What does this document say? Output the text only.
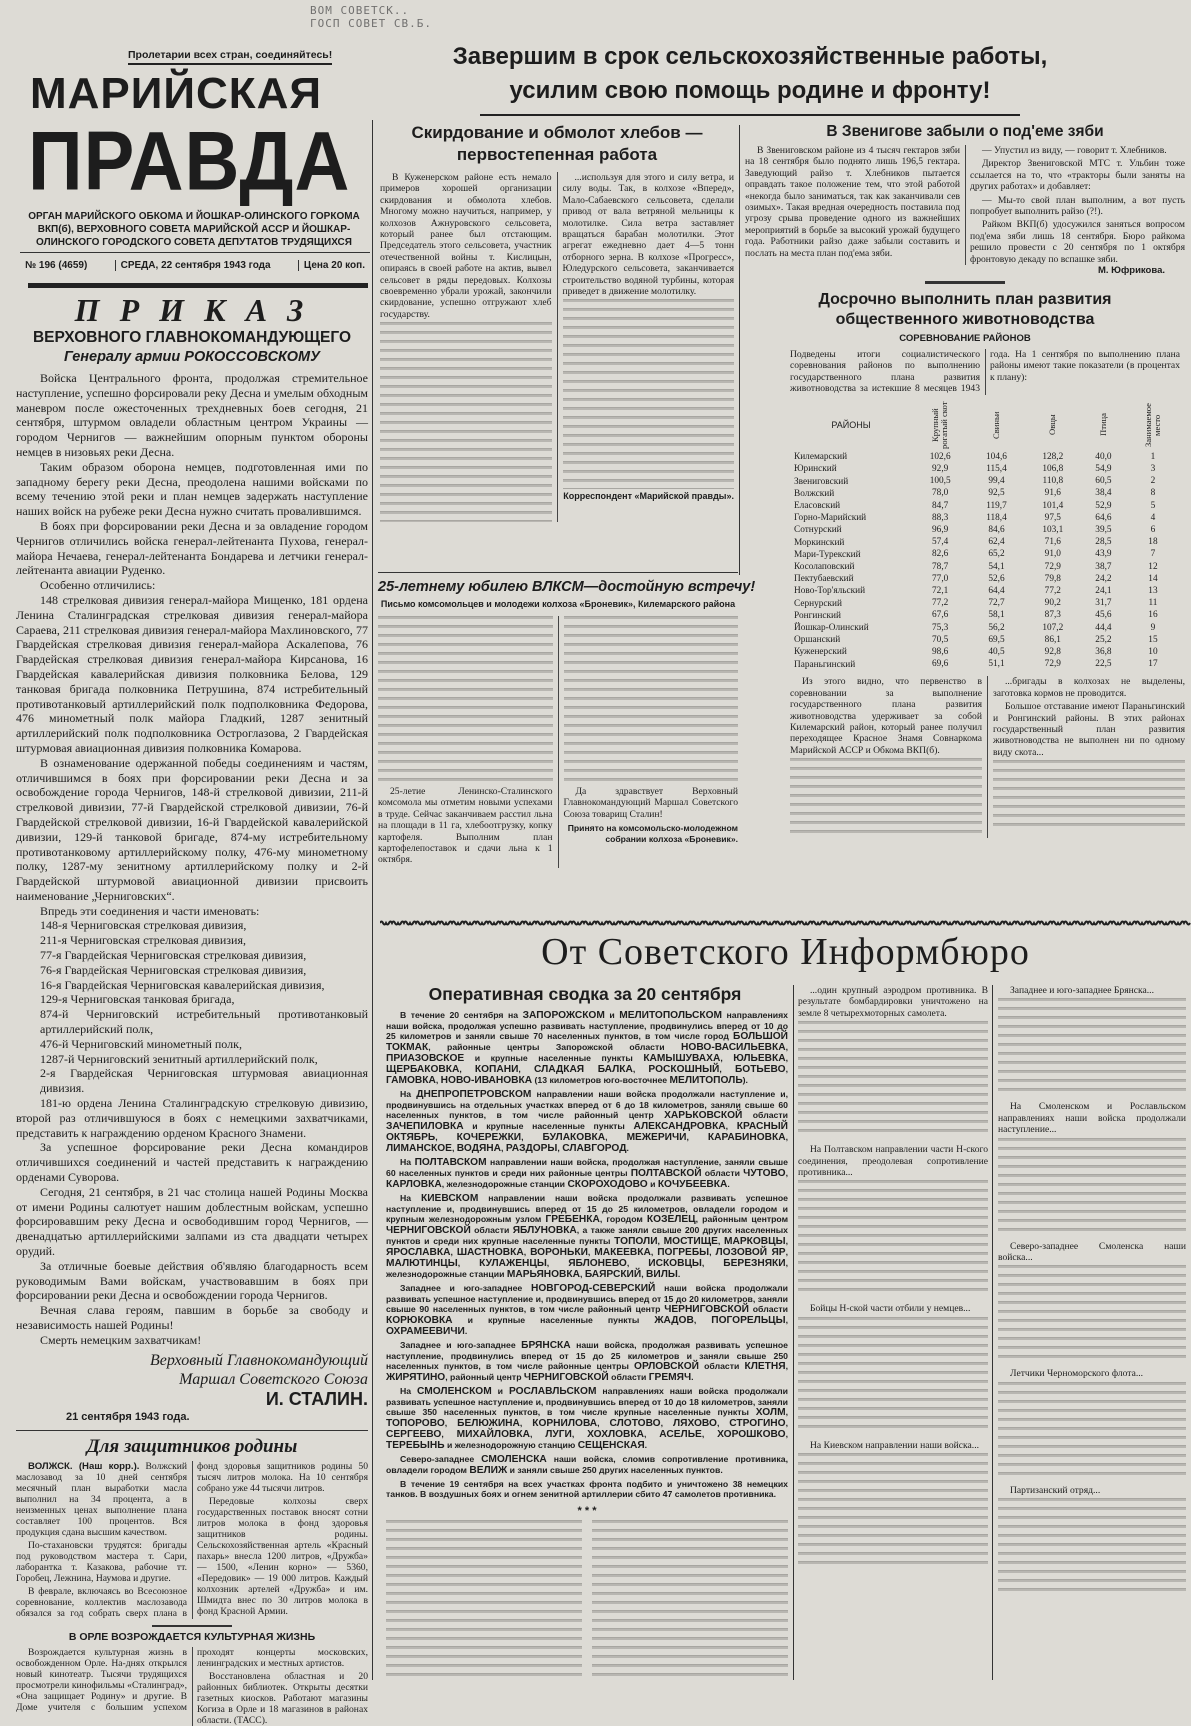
ВОМ СОВЕТСК..
ГОСП СОВЕТ СВ.Б.
Пролетарии всех стран, соединяйтесь!
МАРИЙСКАЯ
ПРАВДА
ОРГАН МАРИЙСКОГО ОБКОМА И ЙОШКАР-ОЛИНСКОГО ГОРКОМА ВКП(б), ВЕРХОВНОГО СОВЕТА МАРИЙСКОЙ АССР И ЙОШКАР-ОЛИНСКОГО ГОРОДСКОГО СОВЕТА ДЕПУТАТОВ ТРУДЯЩИХСЯ
№ 196 (4659)	СРЕДА, 22 сентября 1943 года	Цена 20 коп.
Завершим в срок сельскохозяйственные работы,
усилим свою помощь родине и фронту!
П Р И К А З
ВЕРХОВНОГО ГЛАВНОКОМАНДУЮЩЕГО
Генералу армии РОКОССОВСКОМУ

Войска Центрального фронта, продолжая стремительное наступление, успешно форсировали реку Десна и умелым обходным маневром после ожесточенных трехдневных боев сегодня, 21 сентября, штурмом овладели областным центром Украины — городом Чернигов — важнейшим опорным пунктом обороны немцев в низовьях реки Десна.

Таким образом оборона немцев, подготовленная ими по западному берегу реки Десна, преодолена нашими войсками по всему течению этой реки и план немцев задержать наступление наших войск на рубеже реки Десна нужно считать провалившимся.

В боях при форсировании реки Десна и за овладение городом Чернигов отличились войска генерал-лейтенанта Пухова, генерал-майора Нечаева, генерал-лейтенанта Бондарева и летчики генерал-лейтенанта авиации Руденко.

Особенно отличились:

148 стрелковая дивизия генерал-майора Мищенко, 181 ордена Ленина Сталинградская стрелковая дивизия генерал-майора Сараева, 211 стрелковая дивизия генерал-майора Махлиновского, 77 Гвардейская стрелковая дивизия генерал-майора Аскалепова, 76 Гвардейская стрелковая дивизия генерал-майора Кирсанова, 16 Гвардейская кавалерийская дивизия полковника Белова, 129 танковая бригада полковника Петрушина, 874 истребительный противотанковый артиллерийский полк подполковника Федорова, 476 минометный полк майора Гладкий, 1287 зенитный артиллерийский полк подполковника Остроглазова, 2 Гвардейская штурмовая авиационная дивизия полковника Комарова.

В ознаменование одержанной победы соединениям и частям, отличившимся в боях при форсировании реки Десна и за освобождение города Чернигов, 148-й стрелковой дивизии, 211-й стрелковой дивизии, 77-й Гвардейской стрелковой дивизии, 76-й Гвардейской стрелковой дивизии, 16-й Гвардейской кавалерийской дивизии, 129-й танковой бригаде, 874-му истребительному противотанковому артиллерийскому полку, 476-му минометному полку, 1287-му зенитному артиллерийскому полку и 2-й Гвардейской штурмовой авиационной дивизии присвоить наименование „Черниговских“.

Впредь эти соединения и части именовать:

148-я Черниговская стрелковая дивизия,
211-я Черниговская стрелковая дивизия,
77-я Гвардейская Черниговская стрелковая дивизия,
76-я Гвардейская Черниговская стрелковая дивизия,
16-я Гвардейская Черниговская кавалерийская дивизия,
129-я Черниговская танковая бригада,
874-й Черниговский истребительный противотанковый артиллерийский полк,
476-й Черниговский минометный полк,
1287-й Черниговский зенитный артиллерийский полк,
2-я Гвардейская Черниговская штурмовая авиационная дивизия.

181-ю ордена Ленина Сталинградскую стрелковую дивизию, второй раз отличившуюся в боях с немецкими захватчиками, представить к награждению орденом Красного Знамени.

За успешное форсирование реки Десна командиров отличившихся соединений и частей представить к награждению орденами Суворова.

Сегодня, 21 сентября, в 21 час столица нашей Родины Москва от имени Родины салютует нашим доблестным войскам, успешно форсировавшим реку Десна и освободившим город Чернигов, — двенадцатью артиллерийскими залпами из ста двадцати четырех орудий.

За отличные боевые действия об'являю благодарность всем руководимым Вами войскам, участвовавшим в боях при форсировании реки Десна и освобождении города Чернигов.

Вечная слава героям, павшим в борьбе за свободу и независимость нашей Родины!

Смерть немецким захватчикам!

Верховный Главнокомандующий
Маршал Советского Союза
И. СТАЛИН.
21 сентября 1943 года.
Для защитников родины

ВОЛЖСК. (Наш корр.). Волжский маслозавод за 10 дней сентября месячный план выработки масла выполнил на 34 процента, а в неизменных ценах выполнение плана составляет 100 процентов. Вся продукция сдана высшим качеством.

По-стахановски трудятся: бригады под руководством мастера т. Сари, лаборантка т. Казакова, рабочие тт. Горобец, Лежнина, Наумова и другие.

В феврале, включаясь во Всесоюзное соревнование, коллектив маслозавода обязался за год собрать сверх плана в фонд здоровья защитников родины 50 тысяч литров молока. На 10 сентября собрано уже 44 тысячи литров.

Передовые колхозы сверх государственных поставок вносят сотни литров молока в фонд здоровья защитников родины. Сельскохозяйственная артель «Красный пахарь» внесла 1200 литров, «Дружба» — 1500, «Ленин корно» — 5360, «Передовик» — 19 000 литров. Каждый колхозник артелей «Дружба» и им. Шмидта внес по 30 литров молока в фонд Красной Армии.

В ОРЛЕ ВОЗРОЖДАЕТСЯ КУЛЬТУРНАЯ ЖИЗНЬ

Возрождается культурная жизнь в освобожденном Орле. На-днях открылся новый кинотеатр. Тысячи трудящихся просмотрели кинофильмы «Сталинград», «Она защищает Родину» и другие. В Доме учителя с большим успехом проходят концерты московских, ленинградских и местных артистов.

Восстановлена областная и 20 районных библиотек. Открыты десятки газетных киосков. Работают магазины Когиза в Орле и 18 магазинов в районах области. (ТАСС).

Скирдование и обмолот хлебов —
первостепенная работа

В Куженерском районе есть немало примеров хорошей организации скирдования и обмолота хлебов. Многому можно научиться, например, у колхозов Ажнуровского сельсовета, который ранее был отстающим. Председатель этого сельсовета, участник отечественной войны т. Кислицын, опираясь в своей работе на актив, вывел сельсовет в ряды передовых. Колхозы своевременно убрали урожай, закончили скирдование, успешно отгружают хлеб государству.

...используя для этого и силу ветра, и силу воды. Так, в колхозе «Вперед», Мало-Сабаевского сельсовета, сделали привод от вала ветряной мельницы к молотилке. Сила ветра заставляет вращаться барабан молотилки. Этот агрегат ежедневно дает 4—5 тонн отборного зерна. В колхозе «Прогресс», Юледурского сельсовета, заканчивается строительство водяной турбины, которая приведет в движение молотилку.

Корреспондент «Марийской правды».
25-летнему юбилею ВЛКСМ—достойную встречу!
Письмо комсомольцев и молодежи колхоза «Броневик», Килемарского района

25-летие Ленинско-Сталинского комсомола мы отметим новыми успехами в труде. Сейчас заканчиваем расстил льна на площади в 11 га, хлебоотгрузку, копку картофеля. Выполним план картофелепоставок и сдачи льна к 1 октября.

Да здравствует Верховный Главнокомандующий Маршал Советского Союза товарищ Сталин!

Принято на комсомольско-молодежном собрании колхоза «Броневик».
В Звенигове забыли о под'еме зяби

В Звениговском районе из 4 тысяч гектаров зяби на 18 сентября было поднято лишь 196,5 гектара. Заведующий райзо т. Хлебников пытается оправдать такое положение тем, что этой работой «некогда было заниматься, так как заканчивали сев озимых». Такая вредная очередность поставила под угрозу срыва проведение одного из важнейших мероприятий в борьбе за высокий урожай будущего года. Работники райзо даже забыли составить и послать на места план под'ема зяби.

— Упустил из виду, — говорит т. Хлебников.

Директор Звениговской МТС т. Ульбин тоже ссылается на то, что «тракторы были заняты на других работах» и добавляет:

— Мы-то свой план выполним, а вот пусть попробует выполнить райзо (?!).

Райком ВКП(б) удосужился заняться вопросом под'ема зяби лишь 18 сентября. Бюро райкома решило провести с 20 сентября по 1 октября фронтовую декаду по вспашке зяби.

М. Юфрикова.
Досрочно выполнить план развития
общественного животноводства
СОРЕВНОВАНИЕ РАЙОНОВ
Подведены итоги социалистического соревнования районов по выполнению государственного плана развития животноводства за истекшие 8 месяцев 1943 года. На 1 сентября по выполнению плана районы имеют такие показатели (в процентах к плану):
РАЙОНЫ	Крупный рогатый скот	Свиньи	Овцы	Птица	Занимаемое место

Килемарский	102,6	104,6	128,2	40,0	1
Юринский	92,9	115,4	106,8	54,9	3
Звениговский	100,5	99,4	110,8	60,5	2
Волжский	78,0	92,5	91,6	38,4	8
Еласовский	84,7	119,7	101,4	52,9	5
Горно-Марийский	88,3	118,4	97,5	64,6	4
Сотнурский	96,9	84,6	103,1	39,5	6
Моркинский	57,4	62,4	71,6	28,5	18
Мари-Турекский	82,6	65,2	91,0	43,9	7
Косолаповский	78,7	54,1	72,9	38,7	12
Пектубаевский	77,0	52,6	79,8	24,2	14
Ново-Тор'яльский	72,1	64,4	77,2	24,1	13
Сернурский	77,2	72,7	90,2	31,7	11
Ронгинский	67,6	58,1	87,3	45,6	16
Йошкар-Олинский	75,3	56,2	107,2	44,4	9
Оршанский	70,5	69,5	86,1	25,2	15
Куженерский	98,6	40,5	92,8	36,8	10
Параньгинский	69,6	51,1	72,9	22,5	17

Из этого видно, что первенство в соревновании за выполнение государственного плана развития животноводства удерживает за собой Килемарский район, который ранее получил переходящее Красное Знамя Совнаркома Марийской АССР и Обкома ВКП(б).

...бригады в колхозах не выделены, заготовка кормов не проводится.

Большое отставание имеют Параньгинский и Ронгинский районы. В этих районах государственный план развития животноводства не выполнен ни по одному виду скота...

От Советского Информбюро
Оперативная сводка за 20 сентября

В течение 20 сентября на ЗАПОРОЖСКОМ и МЕЛИТОПОЛЬСКОМ направлениях наши войска, продолжая успешно развивать наступление, продвинулись вперед от 10 до 25 километров и заняли свыше 70 населенных пунктов, в том числе город БОЛЬШОЙ ТОКМАК, районные центры Запорожской области НОВО-ВАСИЛЬЕВКА, ПРИАЗОВСКОЕ и крупные населенные пункты КАМЫШУВАХА, ЮЛЬЕВКА, ЩЕРБАКОВКА, КОПАНИ, СЛАДКАЯ БАЛКА, РОСКОШНЫЙ, БОТЬЕВО, ГАМОВКА, НОВО-ИВАНОВКА (13 километров юго-восточнее МЕЛИТОПОЛЬ).

На ДНЕПРОПЕТРОВСКОМ направлении наши войска продолжали наступление и, продвинувшись на отдельных участках вперед от 6 до 18 километров, заняли свыше 60 населенных пунктов, в том числе районный центр ХАРЬКОВСКОЙ области ЗАЧЕПИЛОВКА и крупные населенные пункты АЛЕКСАНДРОВКА, КРАСНЫЙ ОКТЯБРЬ, КОЧЕРЕЖКИ, БУЛАКОВКА, МЕЖЕРИЧИ, КАРАБИНОВКА, ЛИМАНСКОЕ, ВОДЯНА, РАЗДОРЫ, СЛАВГОРОД.

На ПОЛТАВСКОМ направлении наши войска, продолжая наступление, заняли свыше 60 населенных пунктов и среди них районные центры ПОЛТАВСКОЙ области ЧУТОВО, КАРЛОВКА, железнодорожные станции СКОРОХОДОВО и КОЧУБЕЕВКА.

На КИЕВСКОМ направлении наши войска продолжали развивать успешное наступление и, продвинувшись вперед от 15 до 25 километров, овладели городом и крупным железнодорожным узлом ГРЕБЕНКА, городом КОЗЕЛЕЦ, районным центром ЧЕРНИГОВСКОЙ области ЯБЛУНОВКА, а также заняли свыше 200 других населенных пунктов и среди них крупные населенные пункты ТОПОЛИ, МОСТИЩЕ, МАРКОВЦЫ, ЯРОСЛАВКА, ШАСТНОВКА, ВОРОНЬКИ, МАКЕЕВКА, ПОГРЕБЫ, ЛОЗОВОЙ ЯР, МАЛЮТИНЦЫ, КУЛАЖЕНЦЫ, ЯБЛОНЕВО, ИСКОВЦЫ, БЕРЕЗНЯКИ, железнодорожные станции МАРЬЯНОВКА, БАЯРСКИЙ, ВИЛЫ.

Западнее и юго-западнее НОВГОРОД-СЕВЕРСКИЙ наши войска продолжали развивать успешное наступление и, продвинувшись вперед от 15 до 20 километров, заняли свыше 90 населенных пунктов, в том числе районный центр ЧЕРНИГОВСКОЙ области КОРЮКОВКА и крупные населенные пункты ЖАДОВ, ПОГОРЕЛЬЦЫ, ОХРАМЕЕВИЧИ.

Западнее и юго-западнее БРЯНСКА наши войска, продолжая развивать успешное наступление, продвинулись вперед от 15 до 25 километров и заняли свыше 250 населенных пунктов, в том числе районные центры ОРЛОВСКОЙ области КЛЕТНЯ, ЖИРЯТИНО, районный центр ЧЕРНИГОВСКОЙ области ГРЕМЯЧ.

На СМОЛЕНСКОМ и РОСЛАВЛЬСКОМ направлениях наши войска продолжали развивать успешное наступление и, продвинувшись вперед от 10 до 18 километров, заняли свыше 350 населенных пунктов, в том числе крупные населенные пункты ХОЛМ, ТОПОРОВО, БЕЛЮЖИНА, КОРНИЛОВА, СЛОТОВО, ЛЯХОВО, СТРОГИНО, СЕРГЕЕВО, МИХАЙЛОВКА, ЛУГИ, ХОХЛОВКА, АСЕЛЬЕ, ХОРОШКОВО, ТЕРЕБЫНЬ и железнодорожную станцию СЕЩЕНСКАЯ.

Северо-западнее СМОЛЕНСКА наши войска, сломив сопротивление противника, овладели городом ВЕЛИЖ и заняли свыше 250 других населенных пунктов.

В течение 19 сентября на всех участках фронта подбито и уничтожено 38 немецких танков. В воздушных боях и огнем зенитной артиллерии сбито 47 самолетов противника.

* * *

...один крупный аэродром противника. В результате бомбардировки уничтожено на земле 8 четырехмоторных самолета.

На Полтавском направлении части Н-ского соединения, преодолевая сопротивление противника...

Бойцы Н-ской части отбили у немцев...

На Киевском направлении наши войска...

Западнее и юго-западнее Брянска...

На Смоленском и Рославльском направлениях наши войска продолжали наступление...

Северо-западнее Смоленска наши войска...

Летчики Черноморского флота...

Партизанский отряд...
